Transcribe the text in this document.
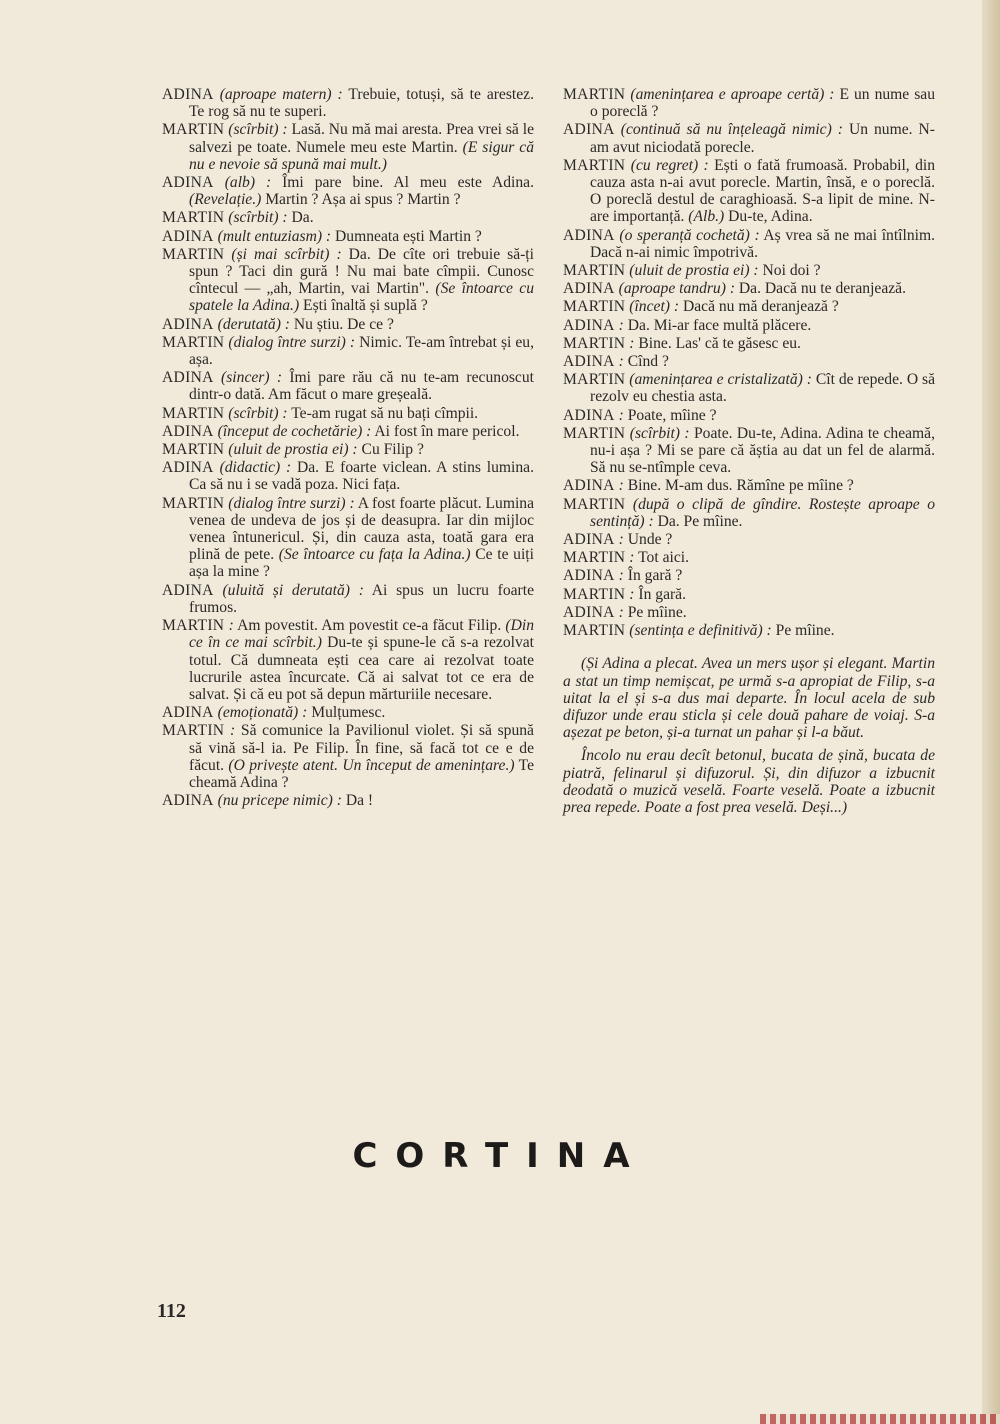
ADINA (aproape matern) : Trebuie, totuși, să te arestez. Te rog să nu te superi.

MARTIN (scîrbit) : Lasă. Nu mă mai aresta. Prea vrei să le salvezi pe toate. Numele meu este Martin. (E sigur că nu e nevoie să spună mai mult.)

ADINA (alb) : Îmi pare bine. Al meu este Adina. (Revelație.) Martin ? Așa ai spus ? Martin ?

MARTIN (scîrbit) : Da.

ADINA (mult entuziasm) : Dumneata ești Martin ?

MARTIN (și mai scîrbit) : Da. De cîte ori trebuie să-ți spun ? Taci din gură ! Nu mai bate cîmpii. Cunosc cîntecul — „ah, Martin, vai Martin". (Se întoarce cu spatele la Adina.) Ești înaltă și suplă ?

ADINA (derutată) : Nu știu. De ce ?

MARTIN (dialog între surzi) : Nimic. Te-am întrebat și eu, așa.

ADINA (sincer) : Îmi pare rău că nu te-am recunoscut dintr-o dată. Am făcut o mare greșeală.

MARTIN (scîrbit) : Te-am rugat să nu bați cîmpii.

ADINA (început de cochetărie) : Ai fost în mare pericol.

MARTIN (uluit de prostia ei) : Cu Filip ?

ADINA (didactic) : Da. E foarte viclean. A stins lumina. Ca să nu i se vadă poza. Nici fața.

MARTIN (dialog între surzi) : A fost foarte plăcut. Lumina venea de undeva de jos și de deasupra. Iar din mijloc venea întunericul. Și, din cauza asta, toată gara era plină de pete. (Se întoarce cu fața la Adina.) Ce te uiți așa la mine ?

ADINA (uluită și derutată) : Ai spus un lucru foarte frumos.

MARTIN : Am povestit. Am povestit ce-a făcut Filip. (Din ce în ce mai scîrbit.) Du-te și spune-le că s-a rezolvat totul. Că dumneata ești cea care ai rezolvat toate lucrurile astea încurcate. Că ai salvat tot ce era de salvat. Și că eu pot să depun mărturiile necesare.

ADINA (emoționată) : Mulțumesc.

MARTIN : Să comunice la Pavilionul violet. Și să spună să vină să-l ia. Pe Filip. În fine, să facă tot ce e de făcut. (O privește atent. Un început de amenințare.) Te cheamă Adina ?

ADINA (nu pricepe nimic) : Da !

MARTIN (amenințarea e aproape certă) : E un nume sau o poreclă ?

ADINA (continuă să nu înțeleagă nimic) : Un nume. N-am avut niciodată porecle.

MARTIN (cu regret) : Ești o fată frumoasă. Probabil, din cauza asta n-ai avut porecle. Martin, însă, e o poreclă. O poreclă destul de caraghioasă. S-a lipit de mine. N-are importanță. (Alb.) Du-te, Adina.

ADINA (o speranță cochetă) : Aș vrea să ne mai întîlnim. Dacă n-ai nimic împotrivă.

MARTIN (uluit de prostia ei) : Noi doi ?

ADINA (aproape tandru) : Da. Dacă nu te deranjează.

MARTIN (încet) : Dacă nu mă deranjează ?

ADINA : Da. Mi-ar face multă plăcere.

MARTIN : Bine. Las' că te găsesc eu.

ADINA : Cînd ?

MARTIN (amenințarea e cristalizată) : Cît de repede. O să rezolv eu chestia asta.

ADINA : Poate, mîine ?

MARTIN (scîrbit) : Poate. Du-te, Adina. Adina te cheamă, nu-i așa ? Mi se pare că ăștia au dat un fel de alarmă. Să nu se-ntîmple ceva.

ADINA : Bine. M-am dus. Rămîne pe mîine ?

MARTIN (după o clipă de gîndire. Rostește aproape o sentință) : Da. Pe mîine.

ADINA : Unde ?

MARTIN : Tot aici.

ADINA : În gară ?

MARTIN : În gară.

ADINA : Pe mîine.

MARTIN (sentința e definitivă) : Pe mîine.

(Și Adina a plecat. Avea un mers ușor și elegant. Martin a stat un timp nemișcat, pe urmă s-a apropiat de Filip, s-a uitat la el și s-a dus mai departe. În locul acela de sub difuzor unde erau sticla și cele două pahare de voiaj. S-a așezat pe beton, și-a turnat un pahar și l-a băut.

Încolo nu erau decît betonul, bucata de șină, bucata de piatră, felinarul și difuzorul. Și, din difuzor a izbucnit deodată o muzică veselă. Foarte veselă. Poate a izbucnit prea repede. Poate a fost prea veselă. Deși...)

CORTINA
112
